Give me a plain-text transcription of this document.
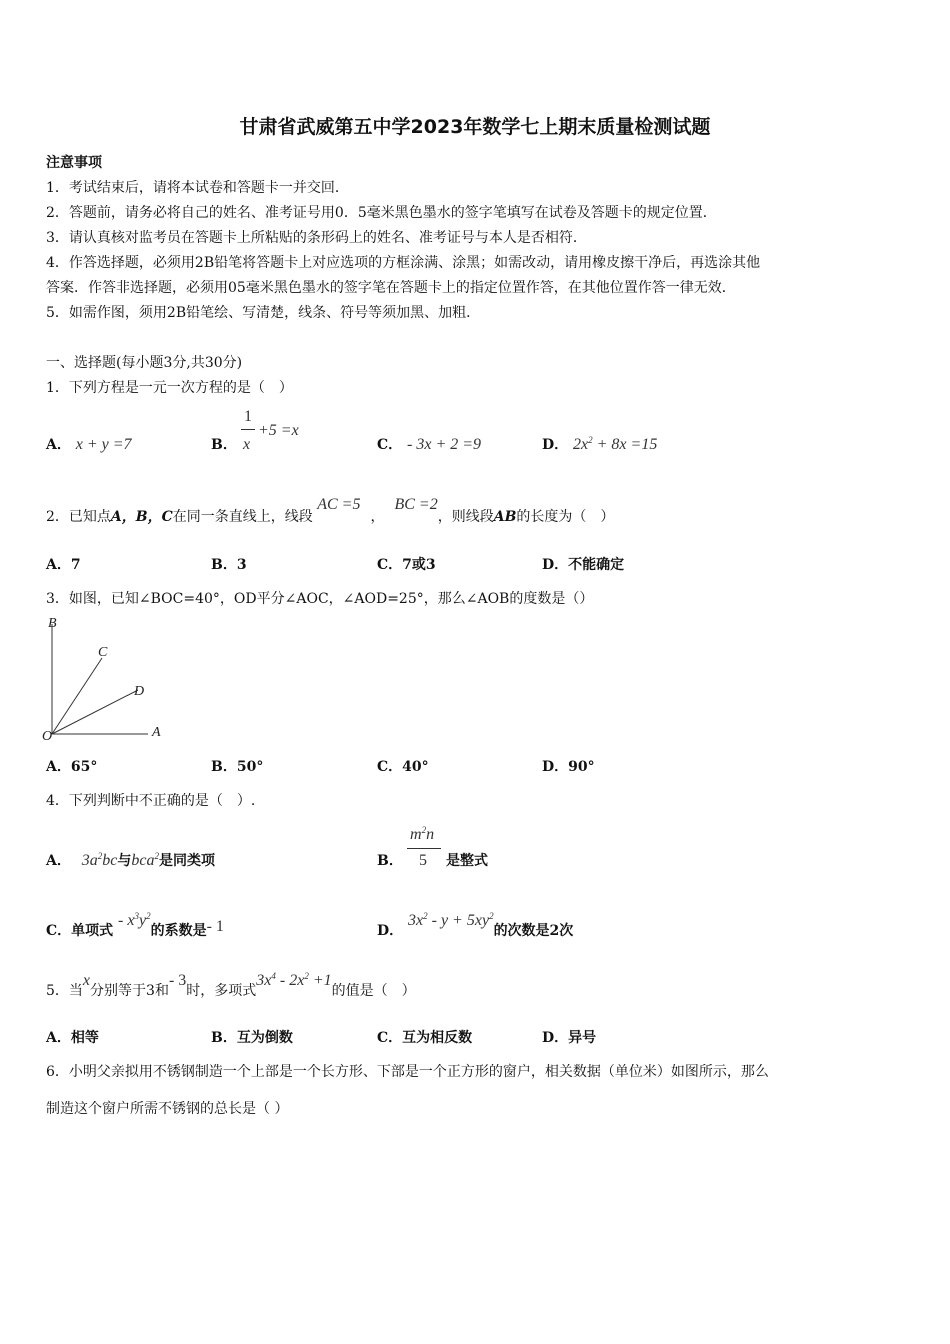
甘肃省武威第五中学2023年数学七上期末质量检测试题
注意事项
1．考试结束后，请将本试卷和答题卡一并交回．
2．答题前，请务必将自己的姓名、准考证号用0．5毫米黑色墨水的签字笔填写在试卷及答题卡的规定位置．
3．请认真核对监考员在答题卡上所粘贴的条形码上的姓名、准考证号与本人是否相符．
4．作答选择题，必须用2B铅笔将答题卡上对应选项的方框涂满、涂黑；如需改动，请用橡皮擦干净后，再选涂其他
答案．作答非选择题，必须用05毫米黑色墨水的签字笔在答题卡上的指定位置作答，在其他位置作答一律无效．
5．如需作图，须用2B铅笔绘、写清楚，线条、符号等须加黑、加粗．
一、选择题(每小题3分,共30分)
1．下列方程是一元一次方程的是（　）
A． x + y =7	B．
1
x
+5 =x
C． - 3x + 2 =9	D． $2x^2 + 8x =15$
2．已知点A，B，C在同一条直线上，线段 AC =5，BC =2，则线段AB的长度为（　）
A．7	B．3	C．7或3	D．不能确定
3．如图，已知∠BOC=40°，OD平分∠AOC，∠AOD=25°，那么∠AOB的度数是（）
B
C
D
O	A
A．65°	B．50°	C．40°	D．90°
4．下列判断中不正确的是（　）.
A． $3a^2bc$与bca$^2$是同类项	B．
$m^2n$
5 是整式
C．单项式 - $x^3y^2$的系数是- 1	D． $3x^2 - y + 5xy^2$的次数是2次
5．当x分别等于3和- 3时，多项式$3x^4 - 2x^2 +1$的值是（　）
A．相等	B．互为倒数	C．互为相反数	D．异号
6．小明父亲拟用不锈钢制造一个上部是一个长方形、下部是一个正方形的窗户，相关数据（单位米）如图所示，那么
制造这个窗户所需不锈钢的总长是（ ）
